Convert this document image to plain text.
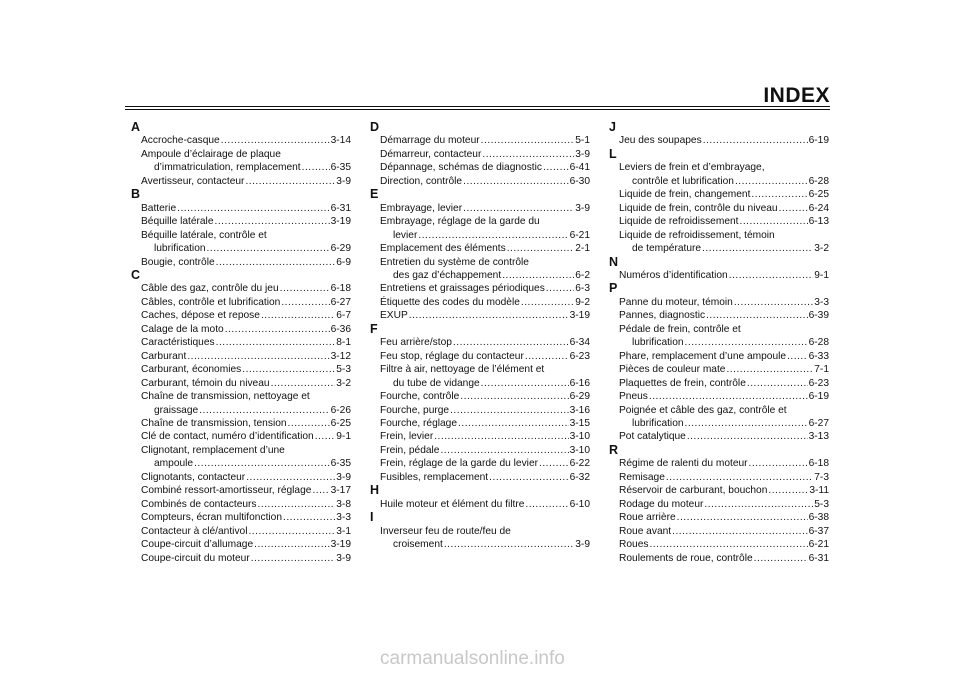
INDEX
A
Accroche-casque .....	3-14
Ampoule d’éclairage de plaque
d’immatriculation, remplacement .....	6-35
Avertisseur, contacteur .....	3-9
B
Batterie .....	6-31
Béquille latérale .....	3-19
Béquille latérale, contrôle et
lubrification .....	6-29
Bougie, contrôle .....	6-9
C
Câble des gaz, contrôle du jeu .....	6-18
Câbles, contrôle et lubrification .....	6-27
Caches, dépose et repose .....	6-7
Calage de la moto .....	6-36
Caractéristiques .....	8-1
Carburant .....	3-12
Carburant, économies .....	5-3
Carburant, témoin du niveau .....	3-2
Chaîne de transmission, nettoyage et
graissage .....	6-26
Chaîne de transmission, tension .....	6-25
Clé de contact, numéro d’identification ..... 9-1
Clignotant, remplacement d’une
ampoule .....	6-35
Clignotants, contacteur .....	3-9
Combiné ressort-amortisseur, réglage ..... 3-17
Combinés de contacteurs .....	3-8
Compteurs, écran multifonction .....	3-3
Contacteur à clé/antivol .....	3-1
Coupe-circuit d’allumage .....	3-19
Coupe-circuit du moteur .....	3-9
D
Démarrage du moteur .....	5-1
Démarreur, contacteur .....	3-9
Dépannage, schémas de diagnostic .....	6-41
Direction, contrôle .....	6-30
E
Embrayage, levier .....	3-9
Embrayage, réglage de la garde du
levier .....	6-21
Emplacement des éléments .....	2-1
Entretien du système de contrôle
des gaz d’échappement .....	6-2
Entretiens et graissages périodiques .....	6-3
Étiquette des codes du modèle .....	9-2
EXUP .....	3-19
F
Feu arrière/stop .....	6-34
Feu stop, réglage du contacteur .....	6-23
Filtre à air, nettoyage de l’élément et
du tube de vidange .....	6-16
Fourche, contrôle .....	6-29
Fourche, purge .....	3-16
Fourche, réglage .....	3-15
Frein, levier .....	3-10
Frein, pédale .....	3-10
Frein, réglage de la garde du levier .....	6-22
Fusibles, remplacement .....	6-32
H
Huile moteur et élément du filtre .....	6-10
I
Inverseur feu de route/feu de
croisement .....	3-9
J
Jeu des soupapes .....	6-19
L
Leviers de frein et d’embrayage,
contrôle et lubrification .....	6-28
Liquide de frein, changement .....	6-25
Liquide de frein, contrôle du niveau .....	6-24
Liquide de refroidissement .....	6-13
Liquide de refroidissement, témoin
de température .....	3-2
N
Numéros d’identification .....	9-1
P
Panne du moteur, témoin .....	3-3
Pannes, diagnostic .....	6-39
Pédale de frein, contrôle et
lubrification .....	6-28
Phare, remplacement d’une ampoule ..... 6-33
Pièces de couleur mate .....	7-1
Plaquettes de frein, contrôle .....	6-23
Pneus .....	6-19
Poignée et câble des gaz, contrôle et
lubrification .....	6-27
Pot catalytique .....	3-13
R
Régime de ralenti du moteur .....	6-18
Remisage .....	7-3
Réservoir de carburant, bouchon .....	3-11
Rodage du moteur .....	5-3
Roue arrière .....	6-38
Roue avant .....	6-37
Roues .....	6-21
Roulements de roue, contrôle .....	6-31
carmanualsonline.info
